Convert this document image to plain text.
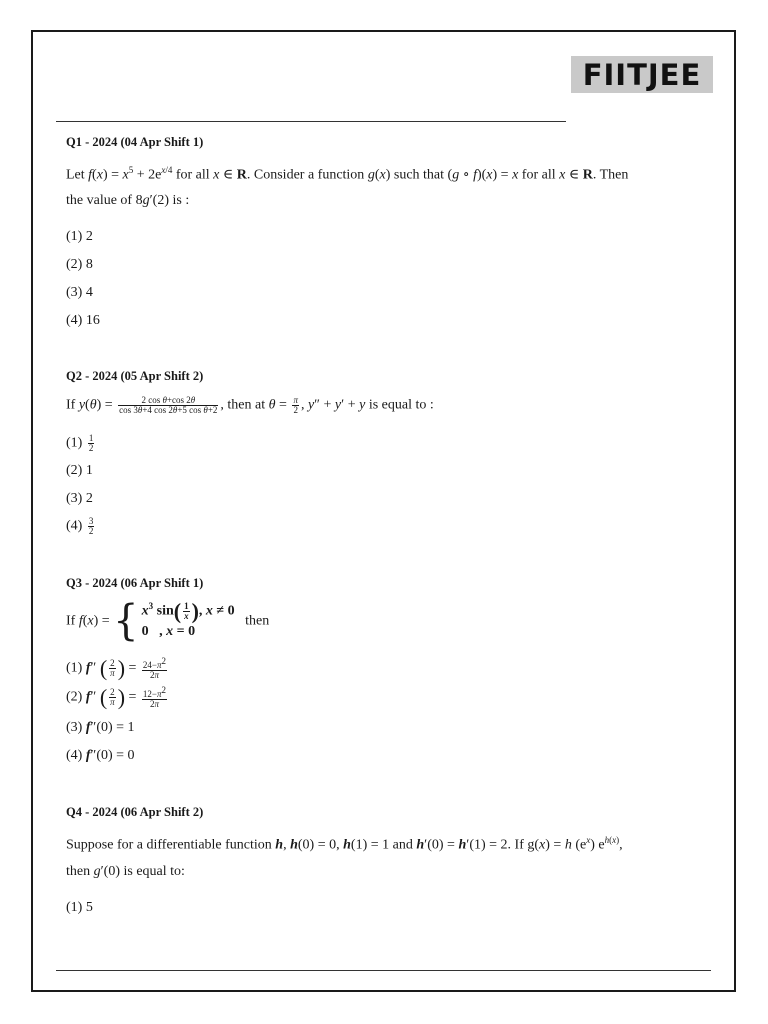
FIITJEE
Q1 - 2024 (04 Apr Shift 1)
Let $f(x) = x^5 + 2e^{x/4}$ for all x ∈ R. Consider a function g(x) such that (g ∘ f)(x) = x for all x ∈ R. Then
the value of 8g′(2) is :
(1) 2
(2) 8
(3) 4
(4) 16
Q2 - 2024 (05 Apr Shift 2)
If $y(\theta) = \frac{\text{2 cos θ+cos 2θ}}{\text{cos 3θ+4 cos 2θ+5 cos θ+2}}$ , then at $\theta = \frac{\pi}{2}$ , y″ + y′ + y is equal to :
$(1) \frac{1}{2}$
(2) 1
(3) 2
$(4) \frac{3}{2}$
Q3 - 2024 (06 Apr Shift 1)
If f(x) = { $x^3$ $\sin( \frac{1}{x}$ ), x ≠ 0
0   , x = 0
then
(1) f″ ( $\frac{2}{\pi}$ ) = $\frac{24-\pi^2}{2\pi}$
(2) f″ ( $\frac{2}{\pi}$ ) = $\frac{12-\pi^2}{2\pi}$
(3) f″(0) = 1
(4) f″(0) = 0
Q4 - 2024 (06 Apr Shift 2)
Suppose for a differentiable function h, h(0) = 0, h(1) = 1 and h′(0) = h′(1) = 2. If g(x) = h $(e^x)$ $e^{h(x)}$,
then g′(0) is equal to:
(1) 5
